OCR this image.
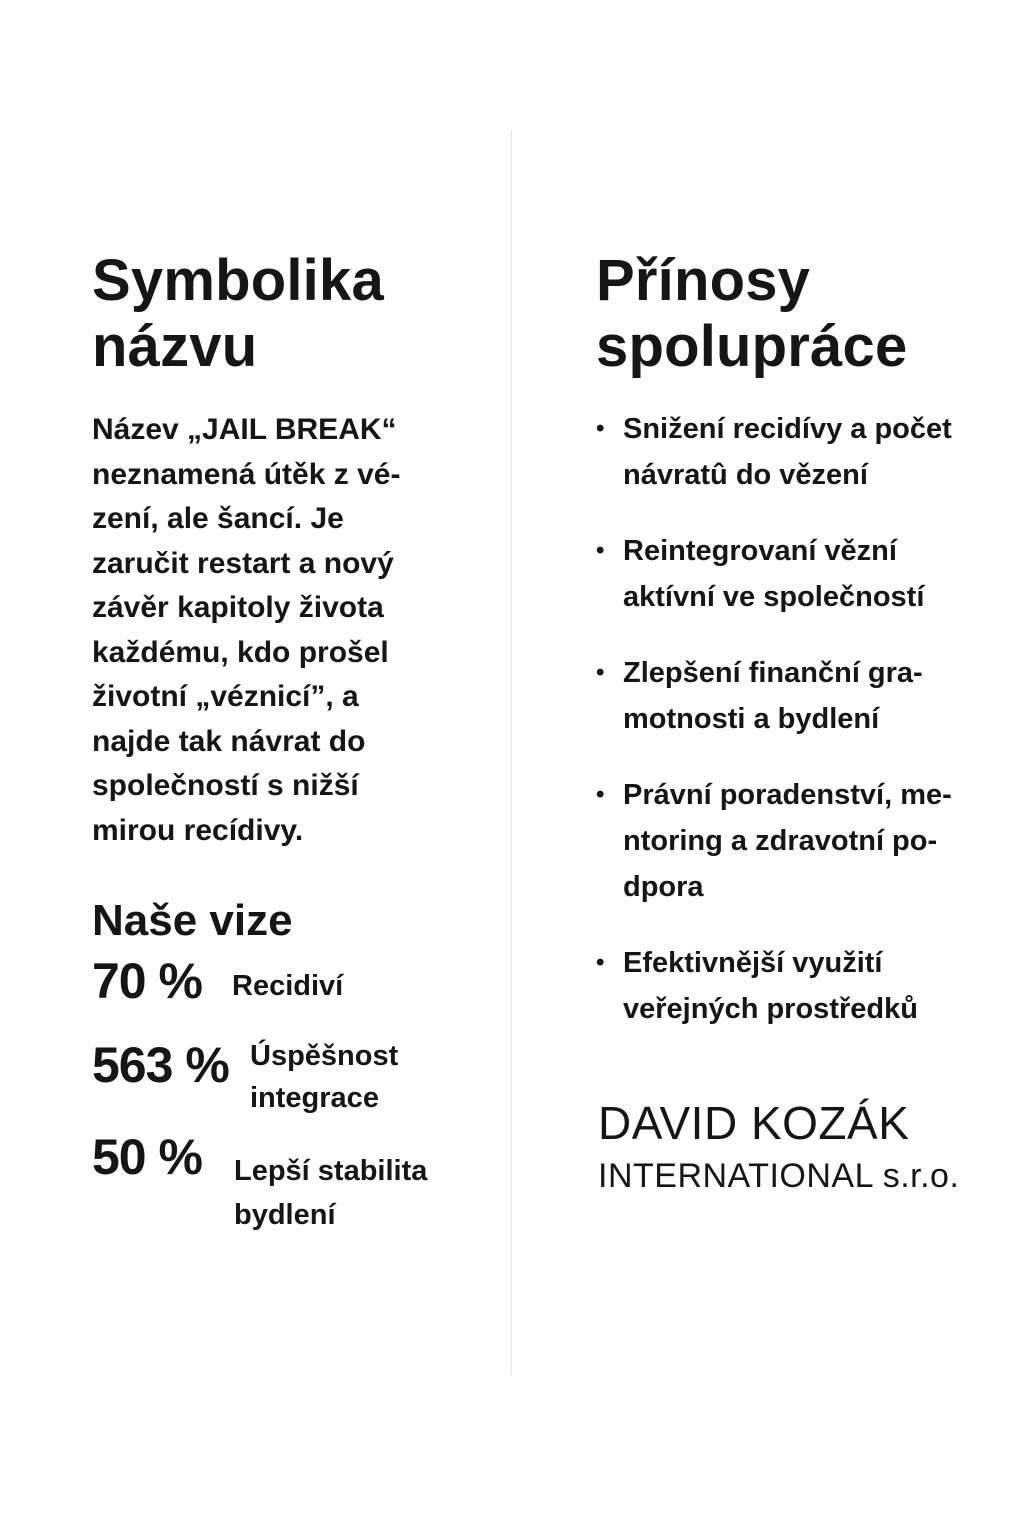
Symbolika
názvu
Název „JAIL BREAK“
neznamená útěk z vé-
zení, ale šancí. Je
zaručit restart a nový
závěr kapitoly života
každému, kdo prošel
životní „véznicí”, a
najde tak návrat do
společností s nižší
mirou recídivy.
Naše vize
70 % Recidiví
563 % Úspěšnost
integrace
50 % Lepší stabilita
bydlení
Přínosy
spolupráce
• Snižení recidívy a počet
návratû do vězení
• Reintegrovaní vězní
aktívní ve společností
• Zlepšení finanční gra-
motnosti a bydlení
• Právní poradenství, me-
ntoring a zdravotní po-
dpora
• Efektivnější využití
veřejných prostředků
DAVID KOZÁK
INTERNATIONAL s.r.o.
